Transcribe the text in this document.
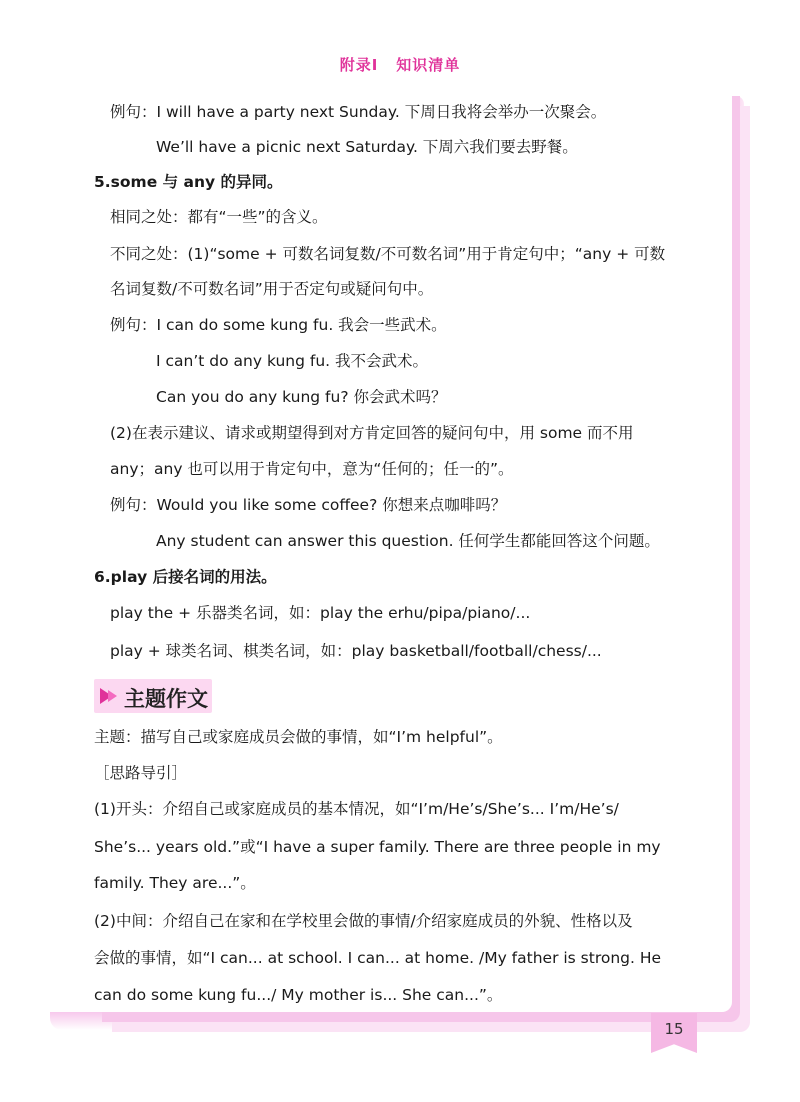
附录Ⅰ 知识清单
例句：I will have a party next Sunday. 下周日我将会举办一次聚会。
We’ll have a picnic next Saturday. 下周六我们要去野餐。
5.some 与 any 的异同。
相同之处：都有“一些”的含义。
不同之处：(1)“some + 可数名词复数/不可数名词”用于肯定句中；“any + 可数
名词复数/不可数名词”用于否定句或疑问句中。
例句：I can do some kung fu. 我会一些武术。
I can’t do any kung fu. 我不会武术。
Can you do any kung fu? 你会武术吗？
(2)在表示建议、请求或期望得到对方肯定回答的疑问句中，用 some 而不用
any；any 也可以用于肯定句中，意为“任何的；任一的”。
例句：Would you like some coffee? 你想来点咖啡吗？
Any student can answer this question. 任何学生都能回答这个问题。
6.play 后接名词的用法。
play the + 乐器类名词，如：play the erhu/pipa/piano/...
play + 球类名词、棋类名词，如：play basketball/football/chess/...
主题作文
主题：描写自己或家庭成员会做的事情，如“I’m helpful”。
［思路导引］
(1)开头：介绍自己或家庭成员的基本情况，如“I’m/He’s/She’s... I’m/He’s/
She’s... years old.”或“I have a super family. There are three people in my
family. They are...”。
(2)中间：介绍自己在家和在学校里会做的事情/介绍家庭成员的外貌、性格以及
会做的事情，如“I can... at school. I can... at home. /My father is strong. He
can do some kung fu.../ My mother is... She can...”。
15
